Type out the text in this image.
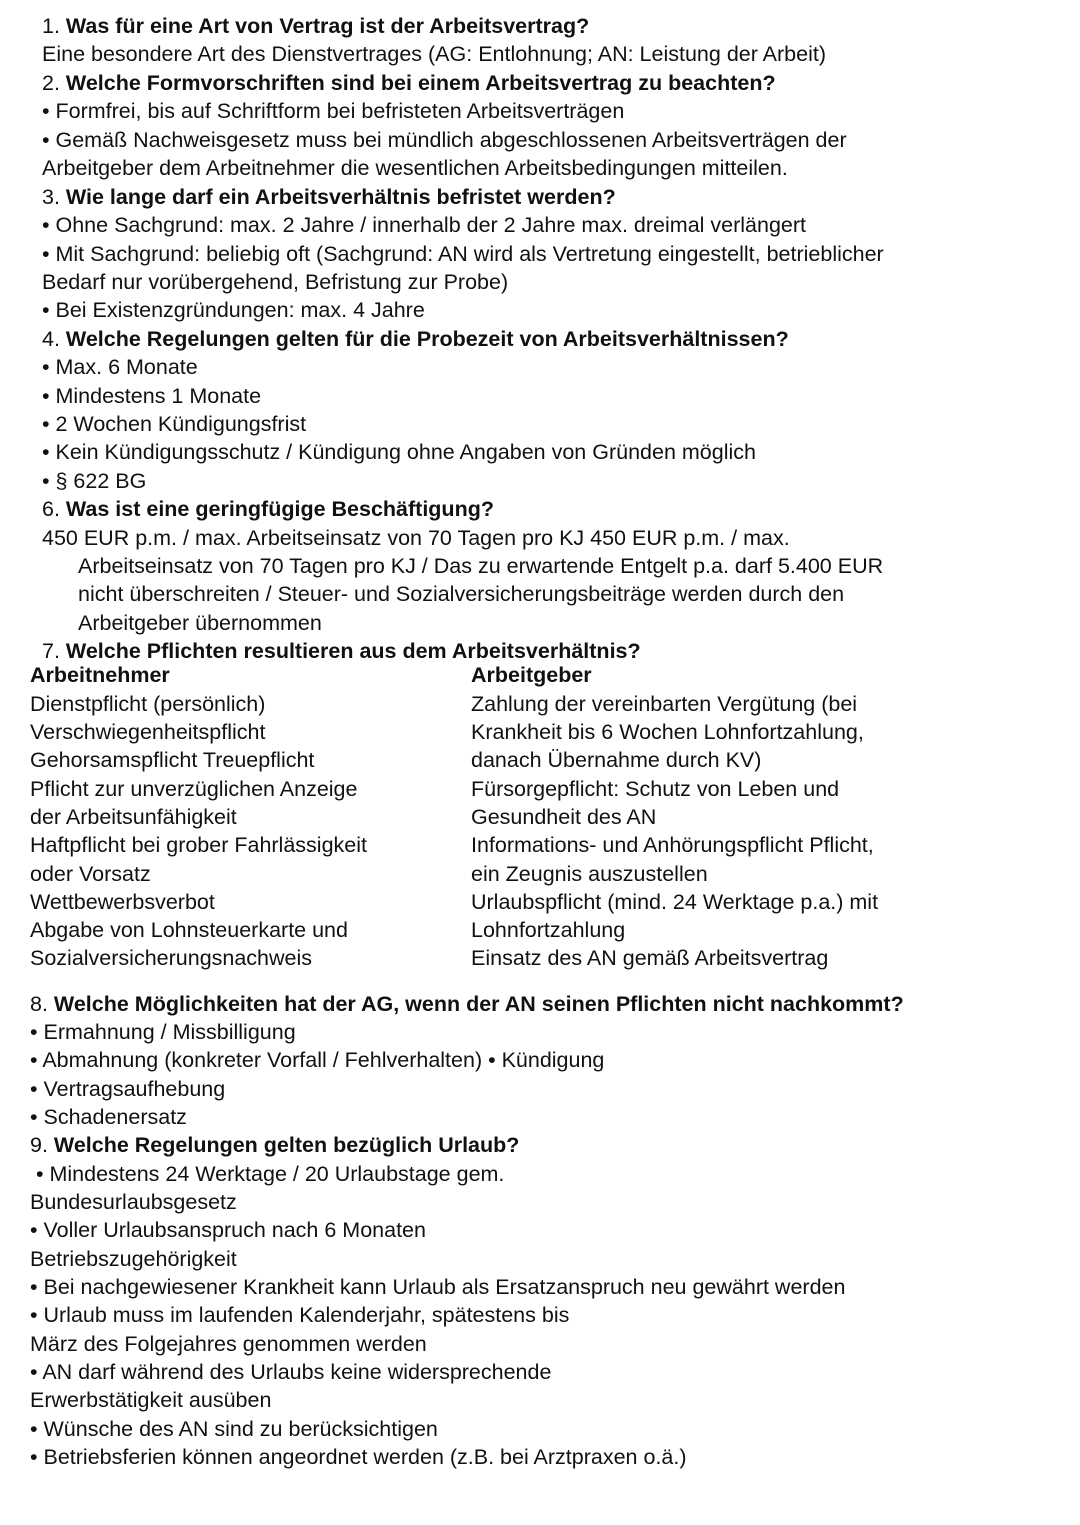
1. Was für eine Art von Vertrag ist der Arbeitsvertrag?

Eine besondere Art des Dienstvertrages (AG: Entlohnung; AN: Leistung der Arbeit)

2. Welche Formvorschriften sind bei einem Arbeitsvertrag zu beachten?

• Formfrei, bis auf Schriftform bei befristeten Arbeitsverträgen

• Gemäß Nachweisgesetz muss bei mündlich abgeschlossenen Arbeitsverträgen der

Arbeitgeber dem Arbeitnehmer die wesentlichen Arbeitsbedingungen mitteilen.

3. Wie lange darf ein Arbeitsverhältnis befristet werden?

• Ohne Sachgrund: max. 2 Jahre / innerhalb der 2 Jahre max. dreimal verlängert

• Mit Sachgrund: beliebig oft (Sachgrund: AN wird als Vertretung eingestellt, betrieblicher

Bedarf nur vorübergehend, Befristung zur Probe)

• Bei Existenzgründungen: max. 4 Jahre

4. Welche Regelungen gelten für die Probezeit von Arbeitsverhältnissen?

• Max. 6 Monate

• Mindestens 1 Monate

• 2 Wochen Kündigungsfrist

• Kein Kündigungsschutz / Kündigung ohne Angaben von Gründen möglich

• § 622 BG

6. Was ist eine geringfügige Beschäftigung?

450 EUR p.m. / max. Arbeitseinsatz von 70 Tagen pro KJ 450 EUR p.m. / max.

Arbeitseinsatz von 70 Tagen pro KJ / Das zu erwartende Entgelt p.a. darf 5.400 EUR

nicht überschreiten / Steuer- und Sozialversicherungsbeiträge werden durch den

Arbeitgeber übernommen

7. Welche Pflichten resultieren aus dem Arbeitsverhältnis?

Arbeitnehmer	Arbeitgeber

Dienstpflicht (persönlich)

Verschwiegenheitspflicht

Gehorsamspflicht Treuepflicht

Pflicht zur unverzüglichen Anzeige

der Arbeitsunfähigkeit

Haftpflicht bei grober Fahrlässigkeit

oder Vorsatz

Wettbewerbsverbot

Abgabe von Lohnsteuerkarte und

Sozialversicherungsnachweis

Zahlung der vereinbarten Vergütung (bei

Krankheit bis 6 Wochen Lohnfortzahlung,

danach Übernahme durch KV)

Fürsorgepflicht: Schutz von Leben und

Gesundheit des AN

Informations- und Anhörungspflicht Pflicht,

ein Zeugnis auszustellen

Urlaubspflicht (mind. 24 Werktage p.a.) mit

Lohnfortzahlung

Einsatz des AN gemäß Arbeitsvertrag

8. Welche Möglichkeiten hat der AG, wenn der AN seinen Pflichten nicht nachkommt?

• Ermahnung / Missbilligung

• Abmahnung (konkreter Vorfall / Fehlverhalten) • Kündigung

• Vertragsaufhebung

• Schadenersatz

9. Welche Regelungen gelten bezüglich Urlaub?

• Mindestens 24 Werktage / 20 Urlaubstage gem.

Bundesurlaubsgesetz

• Voller Urlaubsanspruch nach 6 Monaten

Betriebszugehörigkeit

• Bei nachgewiesener Krankheit kann Urlaub als Ersatzanspruch neu gewährt werden

• Urlaub muss im laufenden Kalenderjahr, spätestens bis

März des Folgejahres genommen werden

• AN darf während des Urlaubs keine widersprechende

Erwerbstätigkeit ausüben

• Wünsche des AN sind zu berücksichtigen

• Betriebsferien können angeordnet werden (z.B. bei Arztpraxen o.ä.)
